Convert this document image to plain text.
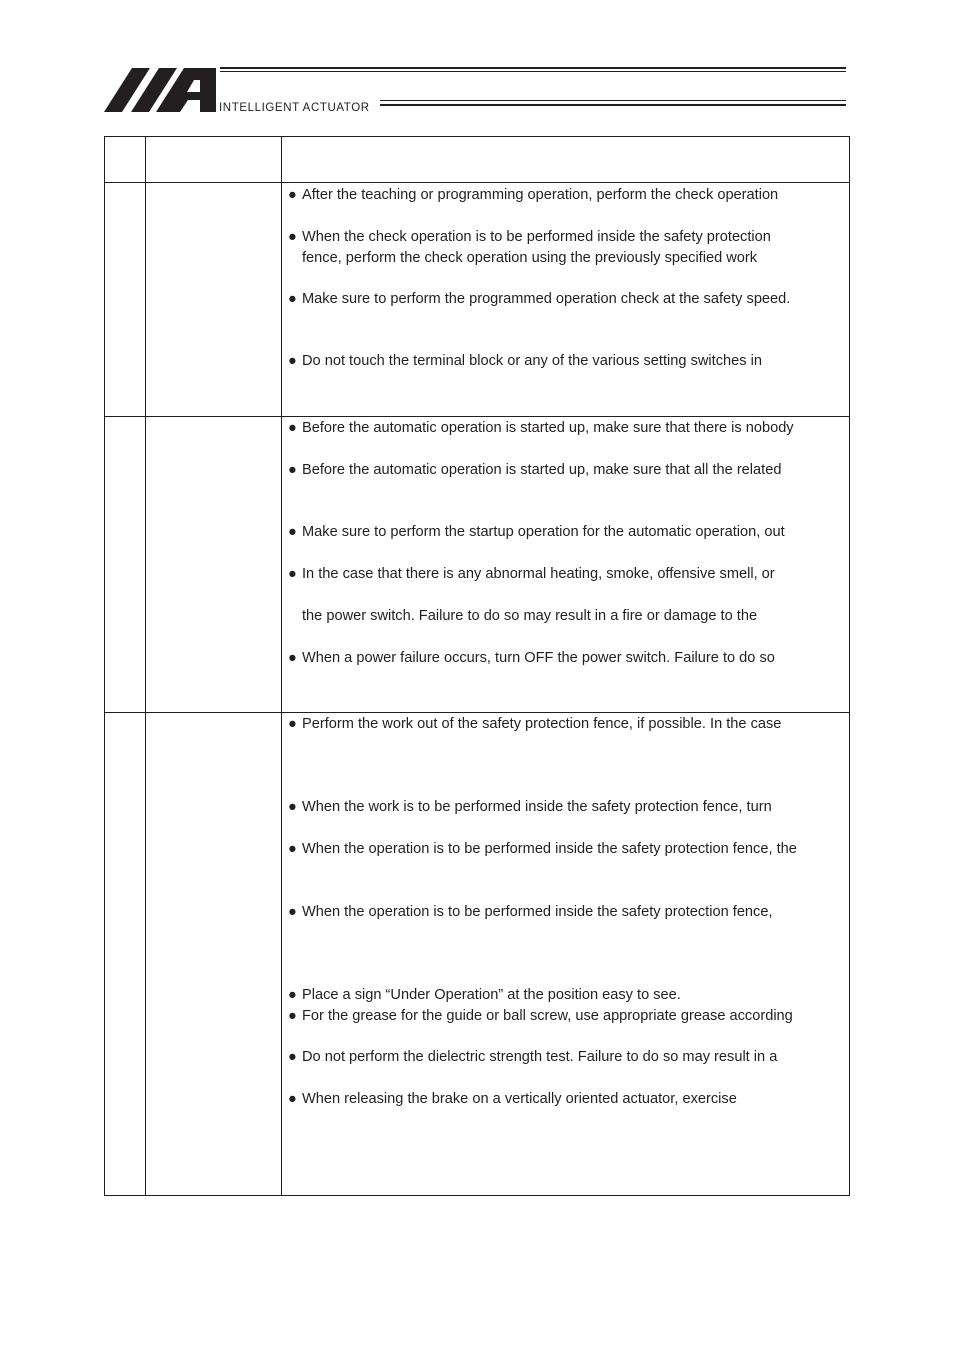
INTELLIGENT ACTUATOR
● After the teaching or programming operation, perform the check operation
● When the check operation is to be performed inside the safety protection
fence, perform the check operation using the previously specified work
● Make sure to perform the programmed operation check at the safety speed.
● Do not touch the terminal block or any of the various setting switches in
● Before the automatic operation is started up, make sure that there is nobody
● Before the automatic operation is started up, make sure that all the related
● Make sure to perform the startup operation for the automatic operation, out
● In the case that there is any abnormal heating, smoke, offensive smell, or
the power switch. Failure to do so may result in a fire or damage to the
● When a power failure occurs, turn OFF the power switch. Failure to do so
● Perform the work out of the safety protection fence, if possible. In the case
● When the work is to be performed inside the safety protection fence, turn
● When the operation is to be performed inside the safety protection fence, the
● When the operation is to be performed inside the safety protection fence,
● Place a sign “Under Operation” at the position easy to see.
● For the grease for the guide or ball screw, use appropriate grease according
● Do not perform the dielectric strength test. Failure to do so may result in a
● When releasing the brake on a vertically oriented actuator, exercise
